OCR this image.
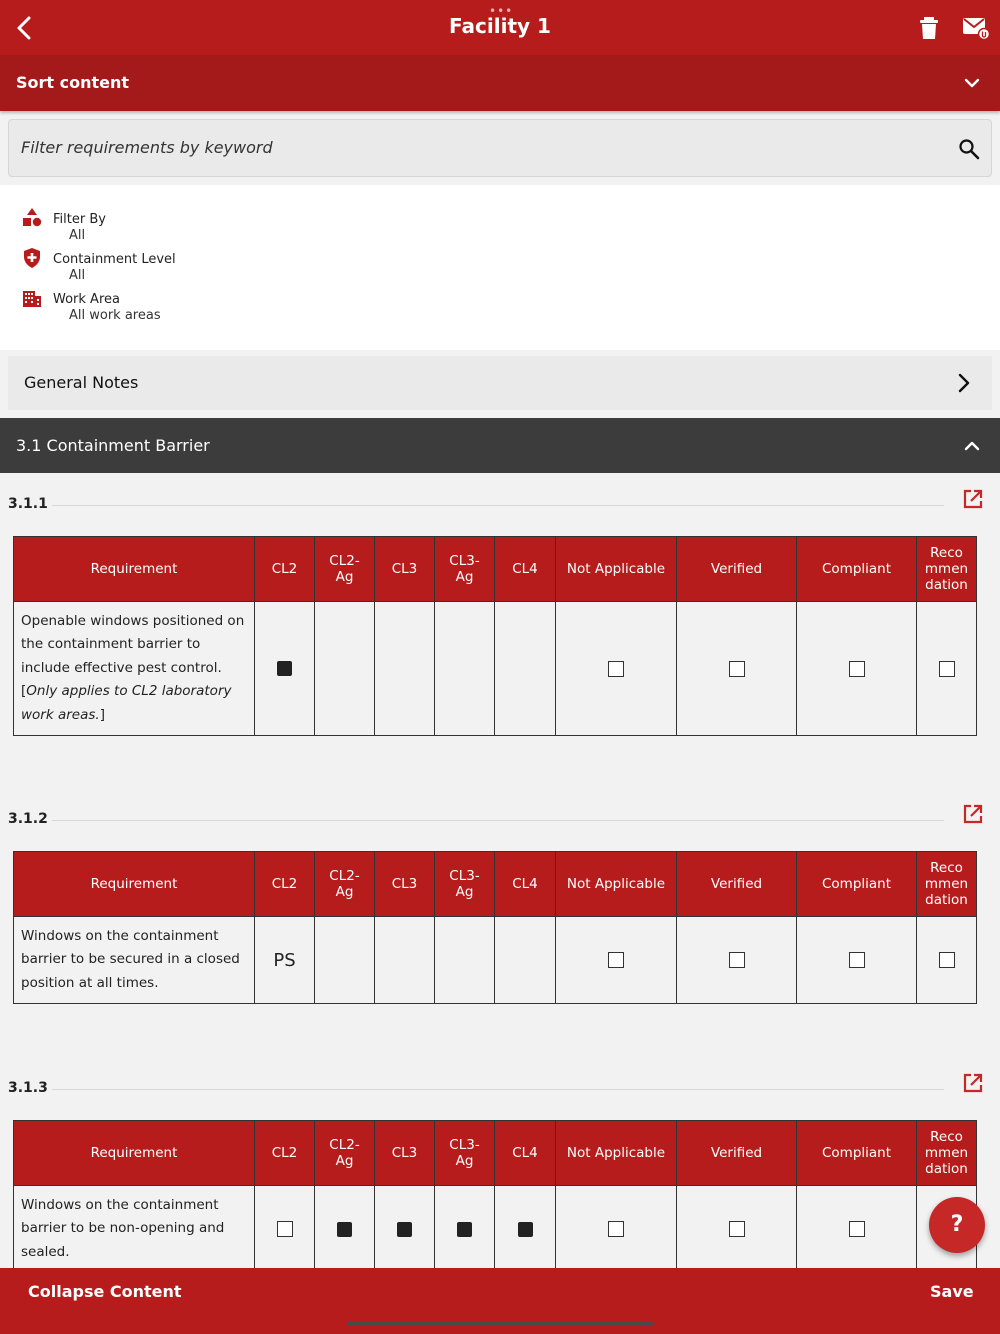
•••
Facility 1
Sort content
Filter requirements by keyword
Filter By
All
Containment Level
All
Work Area
All work areas
General Notes
3.1 Containment Barrier
3.1.1
Requirement	CL2	CL2-
Ag	CL3	CL3-
Ag	CL4	Not Applicable	Verified	Compliant	Reco
mmen
dation
Openable windows positioned on the containment barrier to include effective pest control.
[Only applies to CL2 laboratory work areas.]									
3.1.2
Requirement	CL2	CL2-
Ag	CL3	CL3-
Ag	CL4	Not Applicable	Verified	Compliant	Reco
mmen
dation
Windows on the containment barrier to be secured in a closed position at all times.	PS								
3.1.3
Requirement	CL2	CL2-
Ag	CL3	CL3-
Ag	CL4	Not Applicable	Verified	Compliant	Reco
mmen
dation
Windows on the containment barrier to be non-opening and sealed.									
Collapse Content	Save
?
